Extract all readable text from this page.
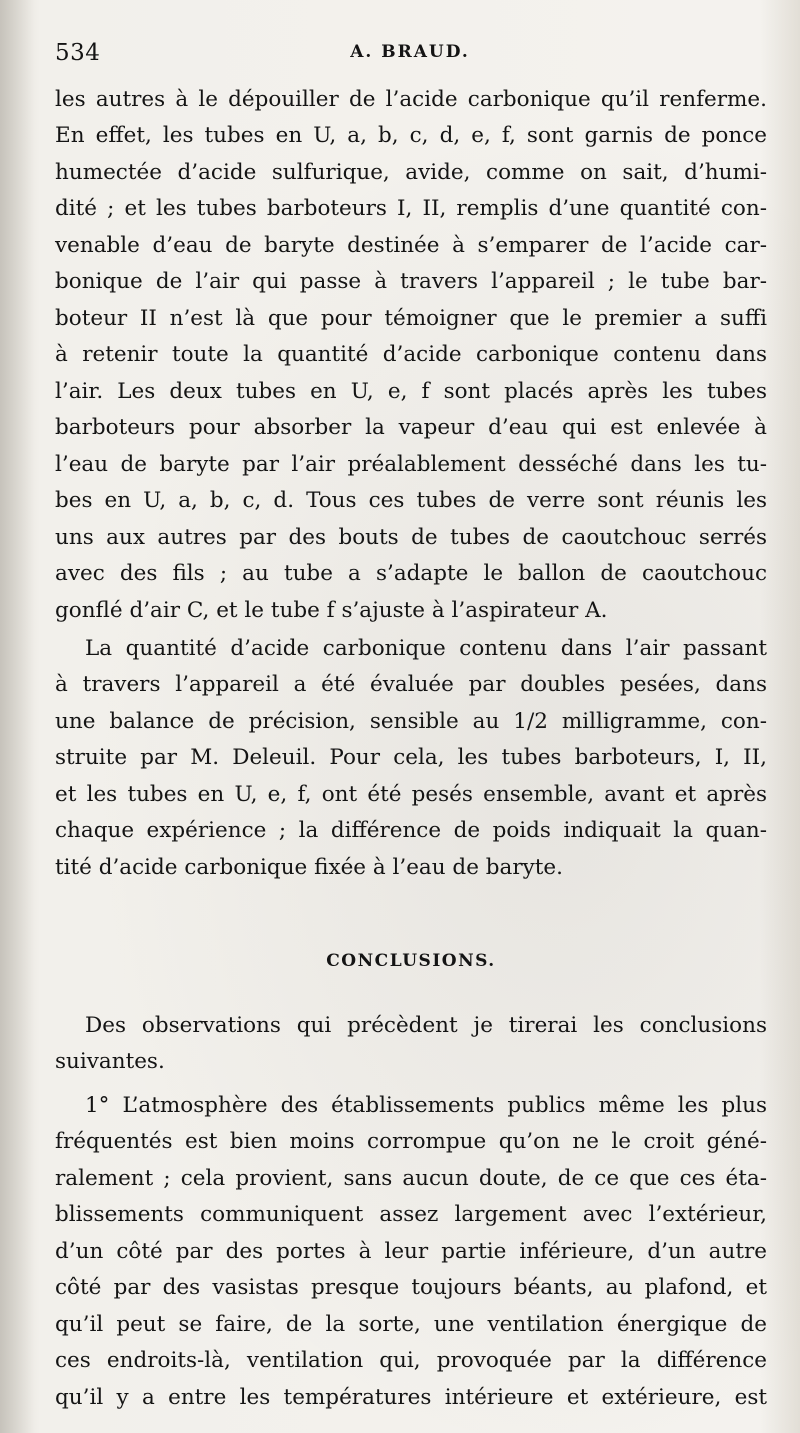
534	A. BRAUD.
les autres à le dépouiller de l’acide carbonique qu’il renferme.
En effet, les tubes en U, a, b, c, d, e, f, sont garnis de ponce
humectée d’acide sulfurique, avide, comme on sait, d’humi-
dité ; et les tubes barboteurs I, II, remplis d’une quantité con-
venable d’eau de baryte destinée à s’emparer de l’acide car-
bonique de l’air qui passe à travers l’appareil ; le tube bar-
boteur II n’est là que pour témoigner que le premier a suffi
à retenir toute la quantité d’acide carbonique contenu dans
l’air. Les deux tubes en U, e, f sont placés après les tubes
barboteurs pour absorber la vapeur d’eau qui est enlevée à
l’eau de baryte par l’air préalablement desséché dans les tu-
bes en U, a, b, c, d. Tous ces tubes de verre sont réunis les
uns aux autres par des bouts de tubes de caoutchouc serrés
avec des fils ; au tube a s’adapte le ballon de caoutchouc
gonflé d’air C, et le tube f s’ajuste à l’aspirateur A.
La quantité d’acide carbonique contenu dans l’air passant
à travers l’appareil a été évaluée par doubles pesées, dans
une balance de précision, sensible au 1/2 milligramme, con-
struite par M. Deleuil. Pour cela, les tubes barboteurs, I, II,
et les tubes en U, e, f, ont été pesés ensemble, avant et après
chaque expérience ; la différence de poids indiquait la quan-
tité d’acide carbonique fixée à l’eau de baryte.
CONCLUSIONS.
Des observations qui précèdent je tirerai les conclusions
suivantes.
1° L’atmosphère des établissements publics même les plus
fréquentés est bien moins corrompue qu’on ne le croit géné-
ralement ; cela provient, sans aucun doute, de ce que ces éta-
blissements communiquent assez largement avec l’extérieur,
d’un côté par des portes à leur partie inférieure, d’un autre
côté par des vasistas presque toujours béants, au plafond, et
qu’il peut se faire, de la sorte, une ventilation énergique de
ces endroits-là, ventilation qui, provoquée par la différence
qu’il y a entre les températures intérieure et extérieure, est
